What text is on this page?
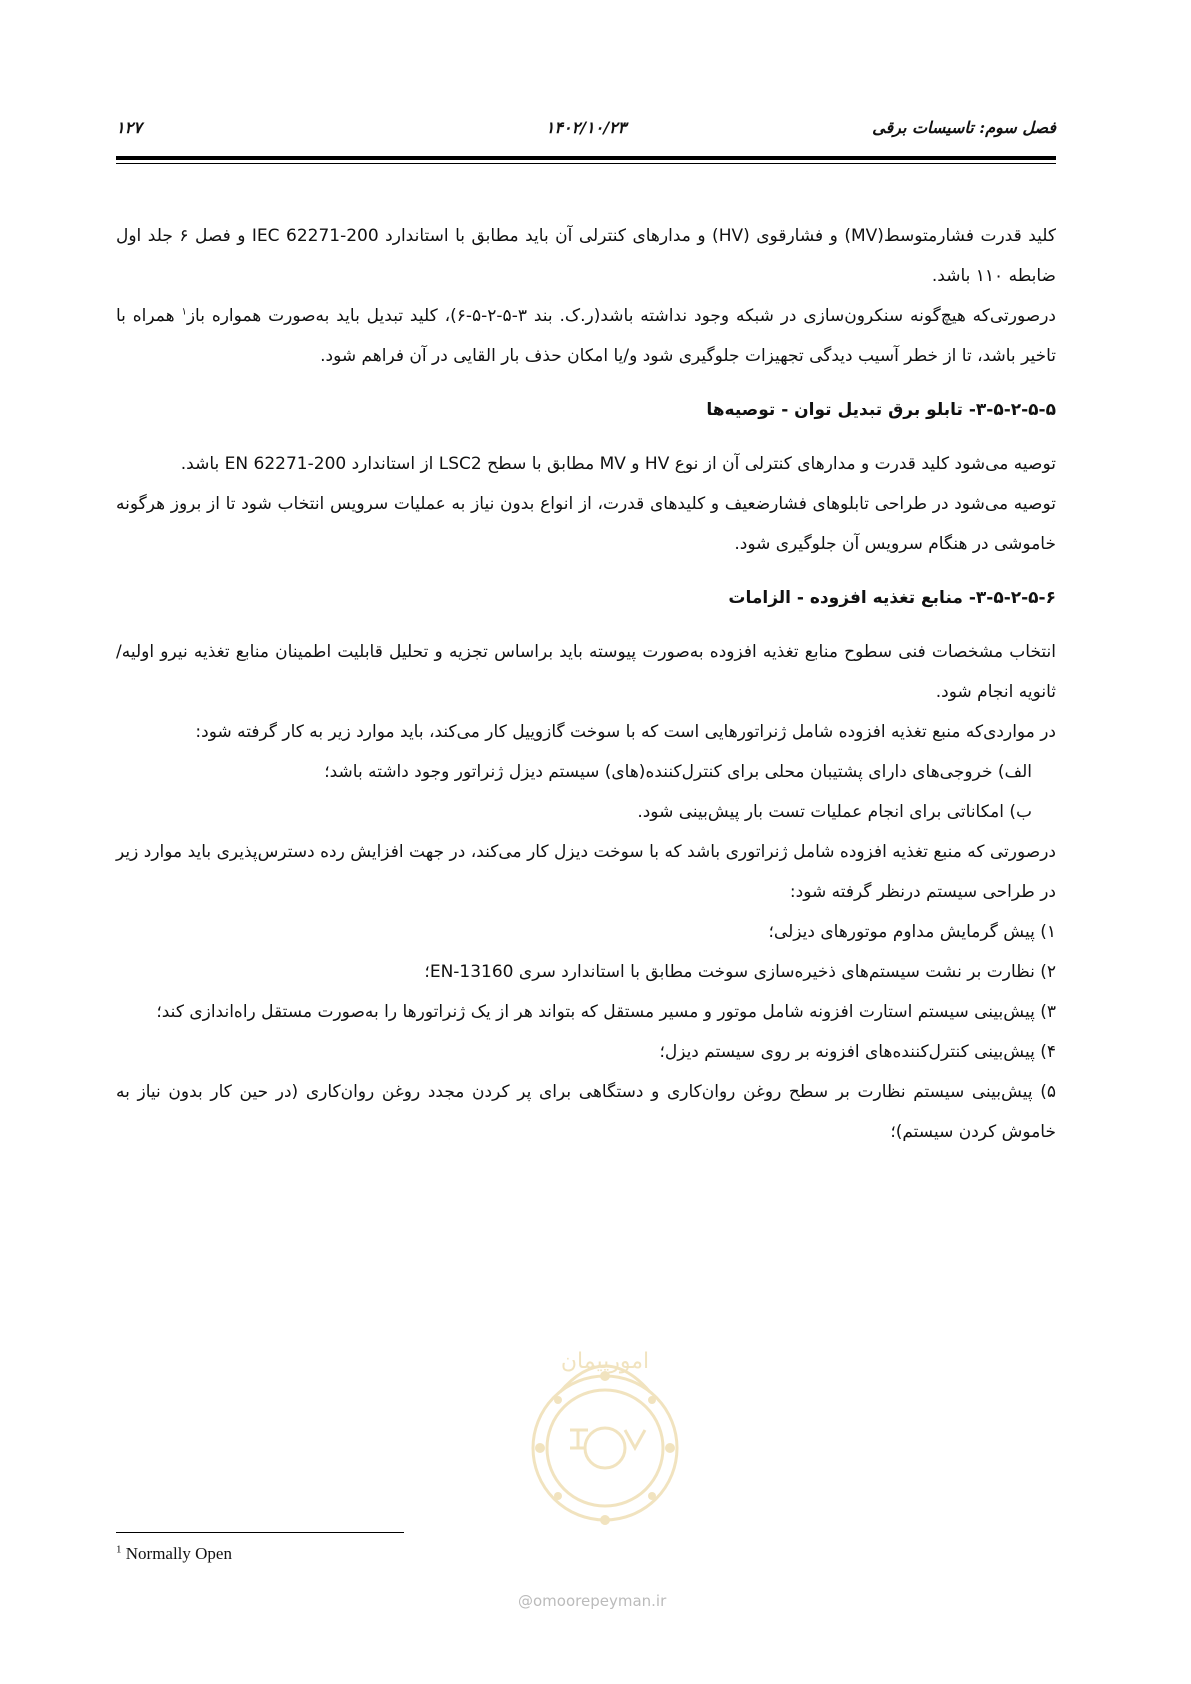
فصل سوم: تاسیسات برقی
۱۴۰۲/۱۰/۲۳
۱۲۷

کلید قدرت فشارمتوسط(MV) و فشارقوی (HV) و مدارهای کنترلی آن باید مطابق با استاندارد IEC 62271-200 و فصل ۶ جلد اول ضابطه ۱۱۰ باشد.

درصورتی‌که هیچ‌گونه سنکرون‌سازی در شبکه وجود نداشته باشد(ر.ک. بند ۳-۵-۲-۵-۶)، کلید تبدیل باید به‌صورت همواره باز$^۱$ همراه با تاخیر باشد، تا از خطر آسیب دیدگی تجهیزات جلوگیری شود و/یا امکان حذف بار القایی در آن فراهم شود.

۳-۵-۲-۵-۵- تابلو برق تبدیل توان - توصیه‌ها

توصیه می‌شود کلید قدرت و مدارهای کنترلی آن از نوع HV و MV مطابق با سطح LSC2 از استاندارد EN 62271-200 باشد.

توصیه می‌شود در طراحی تابلوهای فشارضعیف و کلیدهای قدرت، از انواع بدون نیاز به عملیات سرویس انتخاب شود تا از بروز هرگونه خاموشی در هنگام سرویس آن جلوگیری شود.

۳-۵-۲-۵-۶- منابع تغذیه افزوده - الزامات

انتخاب مشخصات فنی سطوح منابع تغذیه افزوده به‌صورت پیوسته باید براساس تجزیه و تحلیل قابلیت اطمینان منابع تغذیه نیرو اولیه/ثانویه انجام شود.

در مواردی‌که منبع تغذیه افزوده شامل ژنراتورهایی است که با سوخت گازوییل کار می‌کند، باید موارد زیر به کار گرفته شود:

الف) خروجی‌های دارای پشتیبان محلی برای کنترل‌کننده(های) سیستم دیزل ژنراتور وجود داشته باشد؛

ب) امکاناتی برای انجام عملیات تست بار پیش‌بینی شود.

درصورتی که منبع تغذیه افزوده شامل ژنراتوری باشد که با سوخت دیزل کار می‌کند، در جهت افزایش رده دسترس‌پذیری باید موارد زیر در طراحی سیستم درنظر گرفته شود:

۱) پیش گرمایش مداوم موتورهای دیزلی؛

۲) نظارت بر نشت سیستم‌های ذخیره‌سازی سوخت مطابق با استاندارد سری EN-13160؛

۳) پیش‌بینی سیستم استارت افزونه شامل موتور و مسیر مستقل که بتواند هر از یک ژنراتورها را به‌صورت مستقل راه‌اندازی کند؛

۴) پیش‌بینی کنترل‌کننده‌های افزونه بر روی سیستم دیزل؛

۵) پیش‌بینی سیستم نظارت بر سطح روغن روان‌کاری و دستگاهی برای پر کردن مجدد روغن روان‌کاری (در حین کار بدون نیاز به خاموش کردن سیستم)؛

امورپیمان
@omoorepeyman.ir
$^1$ Normally Open
